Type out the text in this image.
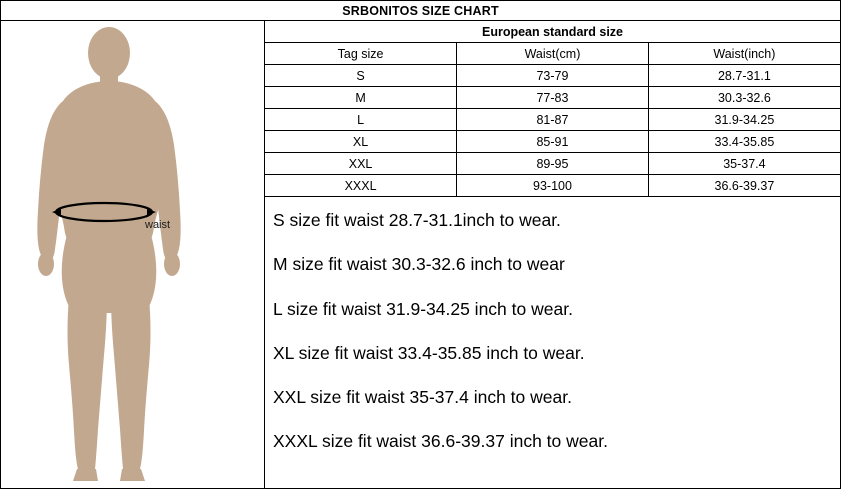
SRBONITOS SIZE CHART
waist
European standard size		
Tag size	Waist(cm)	Waist(inch)
S	73-79	28.7-31.1
M	77-83	30.3-32.6
L	81-87	31.9-34.25
XL	85-91	33.4-35.85
XXL	89-95	35-37.4
XXXL	93-100	36.6-39.37

S size fit waist 28.7-31.1inch to wear.

M size fit waist 30.3-32.6 inch to wear

L size fit waist 31.9-34.25 inch to wear.

XL size fit waist 33.4-35.85 inch to wear.

XXL size fit waist 35-37.4 inch to wear.

XXXL size fit waist 36.6-39.37 inch to wear.
